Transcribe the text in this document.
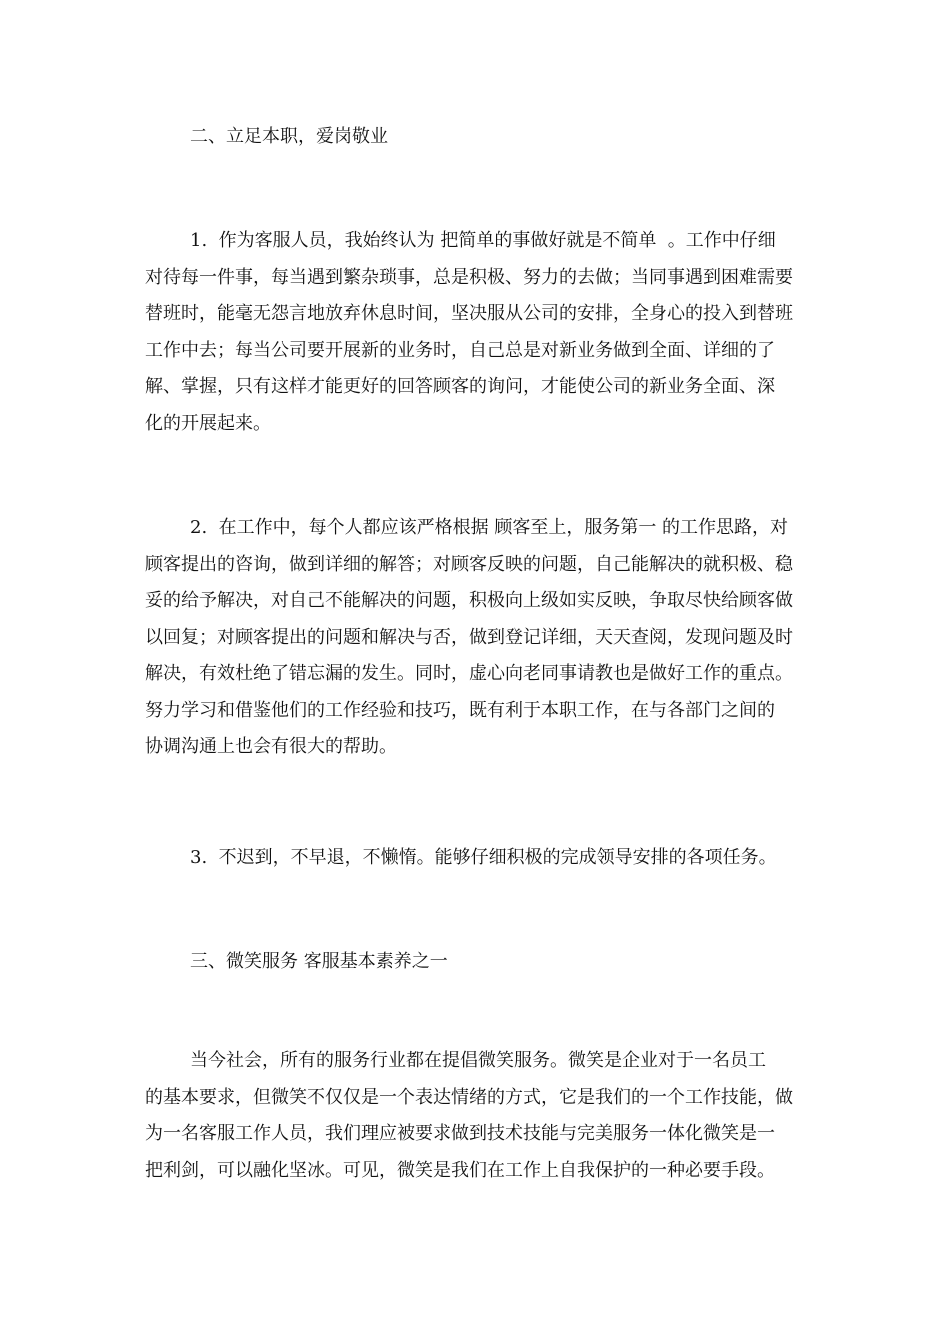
二、立足本职，爱岗敬业
1.  作为客服人员，我始终认为 把简单的事做好就是不简单  。工作中仔细
对待每一件事，每当遇到繁杂琐事，总是积极、努力的去做；当同事遇到困难需要
替班时，能毫无怨言地放弃休息时间，坚决服从公司的安排，全身心的投入到替班
工作中去；每当公司要开展新的业务时，自己总是对新业务做到全面、详细的了
解、掌握，只有这样才能更好的回答顾客的询问，才能使公司的新业务全面、深
化的开展起来。
2.  在工作中，每个人都应该严格根据 顾客至上，服务第一 的工作思路，对
顾客提出的咨询，做到详细的解答；对顾客反映的问题，自己能解决的就积极、稳
妥的给予解决，对自己不能解决的问题，积极向上级如实反映，争取尽快给顾客做
以回复；对顾客提出的问题和解决与否，做到登记详细，天天查阅，发现问题及时
解决，有效杜绝了错忘漏的发生。同时，虚心向老同事请教也是做好工作的重点。
努力学习和借鉴他们的工作经验和技巧，既有利于本职工作，在与各部门之间的
协调沟通上也会有很大的帮助。
3.  不迟到，不早退，不懒惰。能够仔细积极的完成领导安排的各项任务。
三、微笑服务 客服基本素养之一
当今社会，所有的服务行业都在提倡微笑服务。微笑是企业对于一名员工
的基本要求，但微笑不仅仅是一个表达情绪的方式，它是我们的一个工作技能，做
为一名客服工作人员，我们理应被要求做到技术技能与完美服务一体化微笑是一
把利剑，可以融化坚冰。可见，微笑是我们在工作上自我保护的一种必要手段。
